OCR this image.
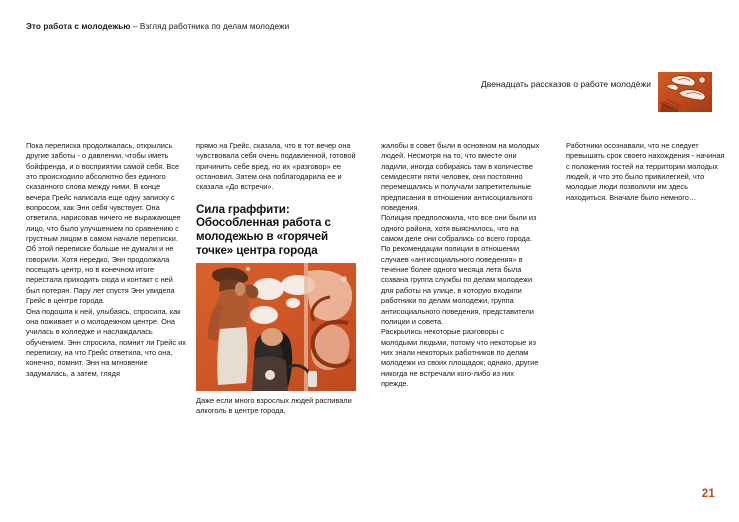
Это работа с молодежью – Взгляд работника по делам молодежи
Двенадцать рассказов о работе молодёжи

Пока переписка продолжалась, открылись другие заботы - о давлении, чтобы иметь бойфренда, и о восприятии самой себя. Все это происходило абсолютно без единого сказанного слова между ними. В конце вечера Грейс написала еще одну записку с вопросом, как Энн себя чувствует. Она ответила, нарисовав ничего не выражающее лицо, что было улучшением по сравнению с грустным лицом в самом начале переписки.

Об этой переписке больше не думали и не говорили. Хотя нередко, Энн продолжала посещать центр, но в конечном итоге перестала приходить сюда и контакт с ней был потерян. Пару лет спустя Энн увидела Грейс в центре города.

Она подошла к ней, улыбаясь, спросила, как она поживает и о молодежном центре. Она училась в колледже и наслаждалась обучением. Энн спросила, помнит ли Грейс их переписку, на что Грейс ответила, что она, конечно, помнит. Энн на мгновение задумалась, а затем, глядя

прямо на Грейс, сказала, что в тот вечер она чувствовала себя очень подавленной, готовой причинить себе вред, но их «разговор» ее остановил. Затем она поблагодарила ее и сказала «До встречи».

Сила граффити: Обособленная работа с молодежью в «горячей точке» центра города
Даже если много взрослых людей распивали алкоголь в центре города,

жалобы в совет были в основном на молодых людей. Несмотря на то, что вместе они ладили, иногда собираясь там в количестве семидесяти пяти человек, они постоянно перемещались и получали запретительные предписания в отношении антисоциального поведения.

Полиция предположила, что все они были из одного района, хотя выяснилось, что на самом деле они собрались со всего города.

По рекомендации полиции в отношении случаев «антисоциального поведения» в течение более одного месяца лета была созвана группа службы по делам молодежи для работы на улице, в которую входили работники по делам молодежи, группа антисоциального поведения, представители полиции и совета.

Раскрылись некоторые разговоры с молодыми людьми, потому что некоторые из них знали некоторых работников по делам молодежи из своих площадок; однако, другие никогда не встречали кого-либо из них прежде.

Работники осознавали, что не следует превышать срок своего нахождения - начиная с положения гостей на территории молодых людей, и что это было привилегией, что молодые люди позволили им здесь находиться. Вначале было немного…

21
